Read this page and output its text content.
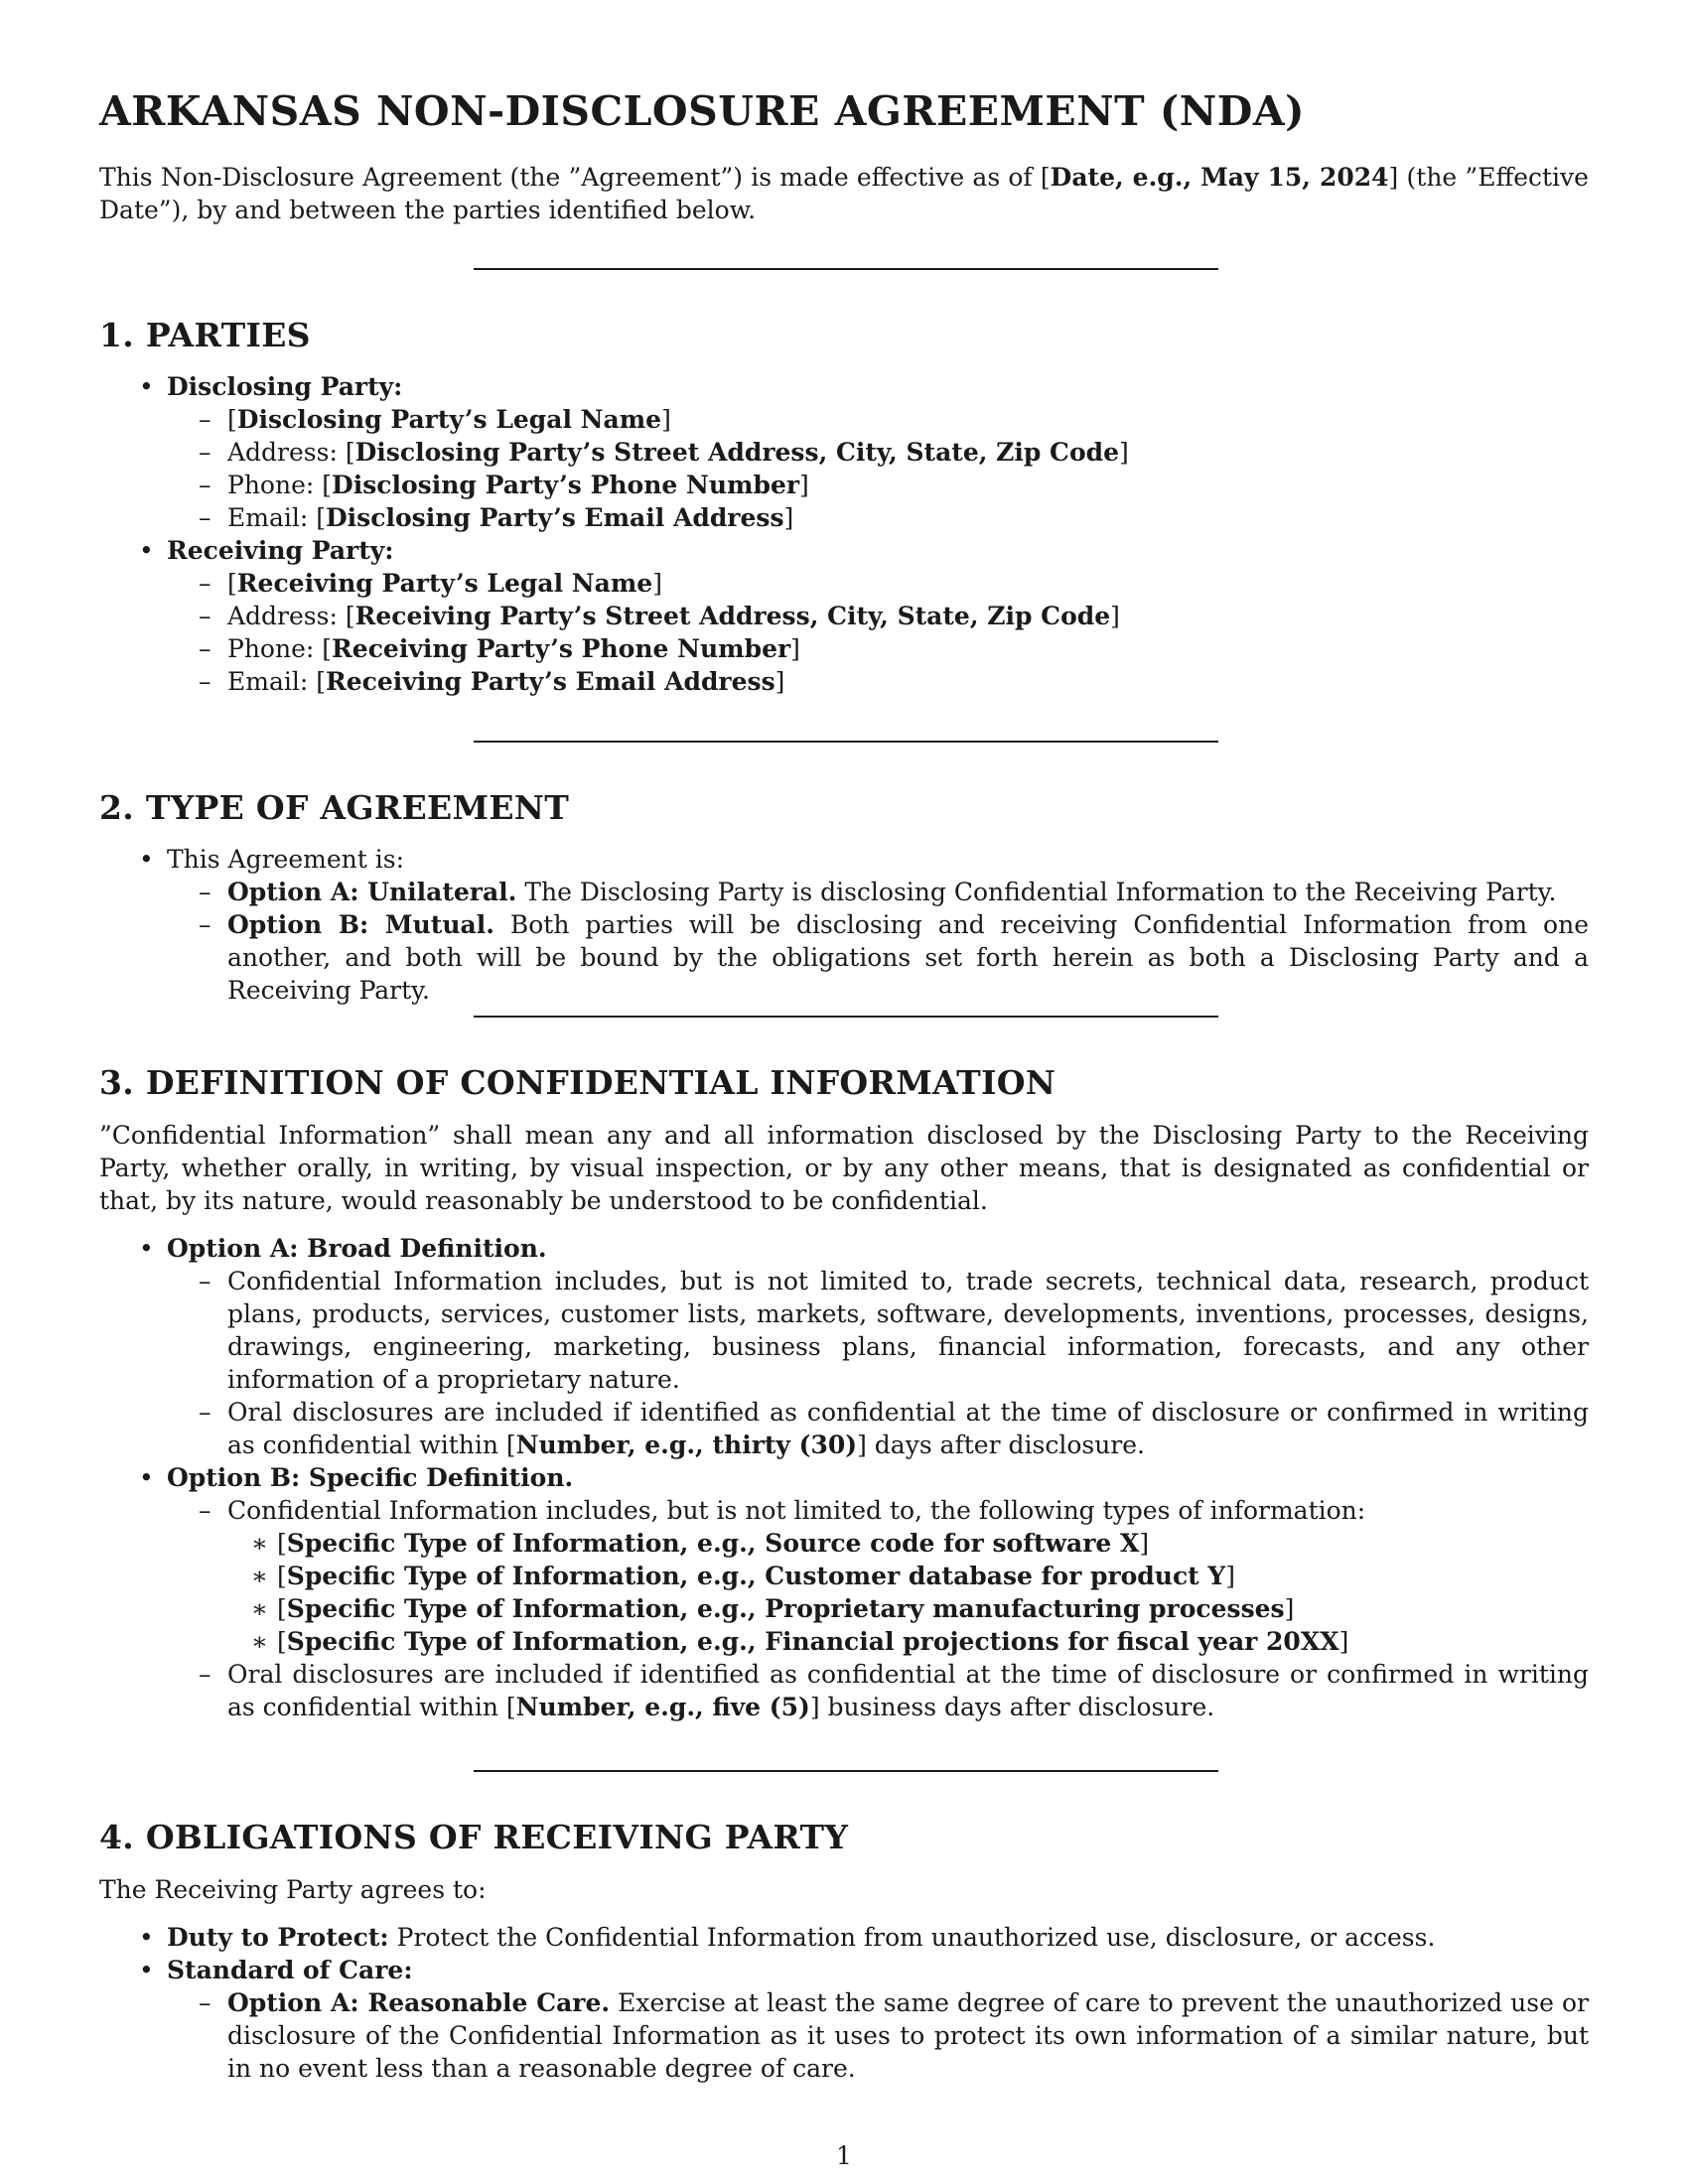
ARKANSAS NON-DISCLOSURE AGREEMENT (NDA)

This Non-Disclosure Agreement (the ”Agreement”) is made effective as of [Date, e.g., May 15, 2024] (the ”Effective Date”), by and between the parties identified below.

1. PARTIES
• Disclosing Party:
– [Disclosing Party’s Legal Name]
– Address: [Disclosing Party’s Street Address, City, State, Zip Code]
– Phone: [Disclosing Party’s Phone Number]
– Email: [Disclosing Party’s Email Address]
• Receiving Party:
– [Receiving Party’s Legal Name]
– Address: [Receiving Party’s Street Address, City, State, Zip Code]
– Phone: [Receiving Party’s Phone Number]
– Email: [Receiving Party’s Email Address]
2. TYPE OF AGREEMENT
• This Agreement is:
– Option A: Unilateral. The Disclosing Party is disclosing Confidential Information to the Receiving Party.
– Option B: Mutual. Both parties will be disclosing and receiving Confidential Information from one another, and both will be bound by the obligations set forth herein as both a Disclosing Party and a Receiving Party.
3. DEFINITION OF CONFIDENTIAL INFORMATION

”Confidential Information” shall mean any and all information disclosed by the Disclosing Party to the Receiving Party, whether orally, in writing, by visual inspection, or by any other means, that is designated as confidential or that, by its nature, would reasonably be understood to be confidential.

• Option A: Broad Definition.
– Confidential Information includes, but is not limited to, trade secrets, technical data, research, product plans, products, services, customer lists, markets, software, developments, inventions, processes, designs, drawings, engineering, marketing, business plans, financial information, forecasts, and any other information of a proprietary nature.
– Oral disclosures are included if identified as confidential at the time of disclosure or confirmed in writing as confidential within [Number, e.g., thirty (30)] days after disclosure.
• Option B: Specific Definition.
– Confidential Information includes, but is not limited to, the following types of information:
∗ [Specific Type of Information, e.g., Source code for software X]
∗ [Specific Type of Information, e.g., Customer database for product Y]
∗ [Specific Type of Information, e.g., Proprietary manufacturing processes]
∗ [Specific Type of Information, e.g., Financial projections for fiscal year 20XX]
– Oral disclosures are included if identified as confidential at the time of disclosure or confirmed in writing as confidential within [Number, e.g., five (5)] business days after disclosure.
4. OBLIGATIONS OF RECEIVING PARTY

The Receiving Party agrees to:

• Duty to Protect: Protect the Confidential Information from unauthorized use, disclosure, or access.
• Standard of Care:
– Option A: Reasonable Care. Exercise at least the same degree of care to prevent the unauthorized use or disclosure of the Confidential Information as it uses to protect its own information of a similar nature, but in no event less than a reasonable degree of care.
1
